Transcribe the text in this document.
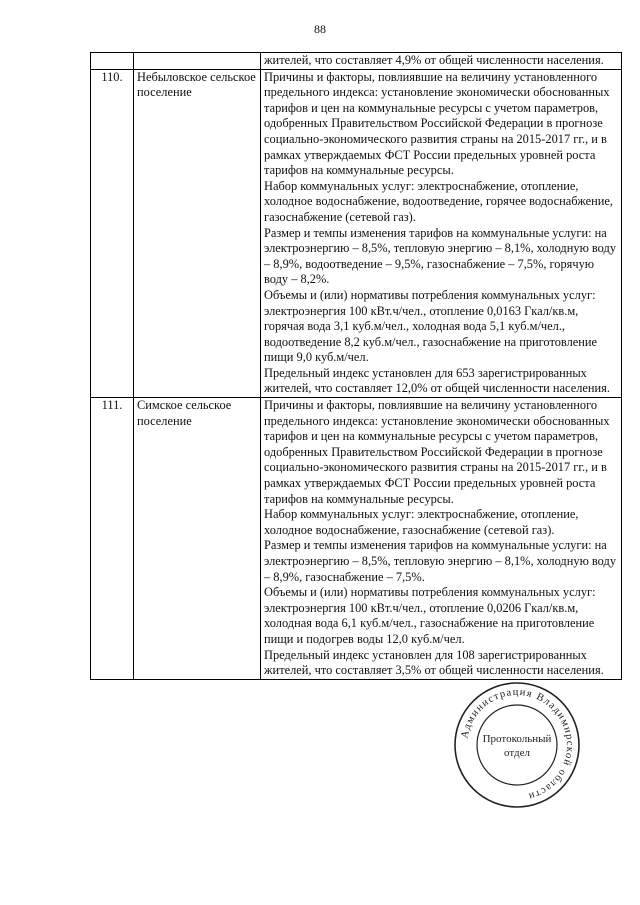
88

		жителей, что составляет 4,9% от общей численности населения.

110.	Небыловское сельское поселение	Причины и факторы, повлиявшие на величину установленного предельного индекса: установление экономически обоснованных тарифов и цен на коммунальные ресурсы с учетом параметров, одобренных Правительством Российской Федерации в прогнозе социально-экономического развития страны на 2015-2017 гг., и в рамках утверждаемых ФСТ России предельных уровней роста тарифов на коммунальные ресурсы.

Набор коммунальных услуг: электроснабжение, отопление, холодное водоснабжение, водоотведение, горячее водоснабжение, газоснабжение (сетевой газ).

Размер и темпы изменения тарифов на коммунальные услуги: на электроэнергию – 8,5%, тепловую энергию – 8,1%, холодную воду – 8,9%, водоотведение – 9,5%, газоснабжение – 7,5%, горячую воду – 8,2%.

Объемы и (или) нормативы потребления коммунальных услуг: электроэнергия 100 кВт.ч/чел., отопление 0,0163 Гкал/кв.м, горячая вода 3,1 куб.м/чел., холодная вода 5,1 куб.м/чел., водоотведение 8,2 куб.м/чел., газоснабжение на приготовление пищи 9,0 куб.м/чел.

Предельный индекс установлен для 653 зарегистрированных жителей, что составляет 12,0% от общей численности населения.

111.	Симское сельское поселение	Причины и факторы, повлиявшие на величину установленного предельного индекса: установление экономически обоснованных тарифов и цен на коммунальные ресурсы с учетом параметров, одобренных Правительством Российской Федерации в прогнозе социально-экономического развития страны на 2015-2017 гг., и в рамках утверждаемых ФСТ России предельных уровней роста тарифов на коммунальные ресурсы.

Набор коммунальных услуг: электроснабжение, отопление, холодное водоснабжение, газоснабжение (сетевой газ).

Размер и темпы изменения тарифов на коммунальные услуги: на электроэнергию – 8,5%, тепловую энергию – 8,1%, холодную воду – 8,9%, газоснабжение – 7,5%.

Объемы и (или) нормативы потребления коммунальных услуг: электроэнергия 100 кВт.ч/чел., отопление 0,0206 Гкал/кв.м, холодная вода 6,1 куб.м/чел., газоснабжение на приготовление пищи и подогрев воды 12,0 куб.м/чел.

Предельный индекс установлен для 108 зарегистрированных жителей, что составляет 3,5% от общей численности населения.

Администрация Владимирской области
Протокольный
отдел
